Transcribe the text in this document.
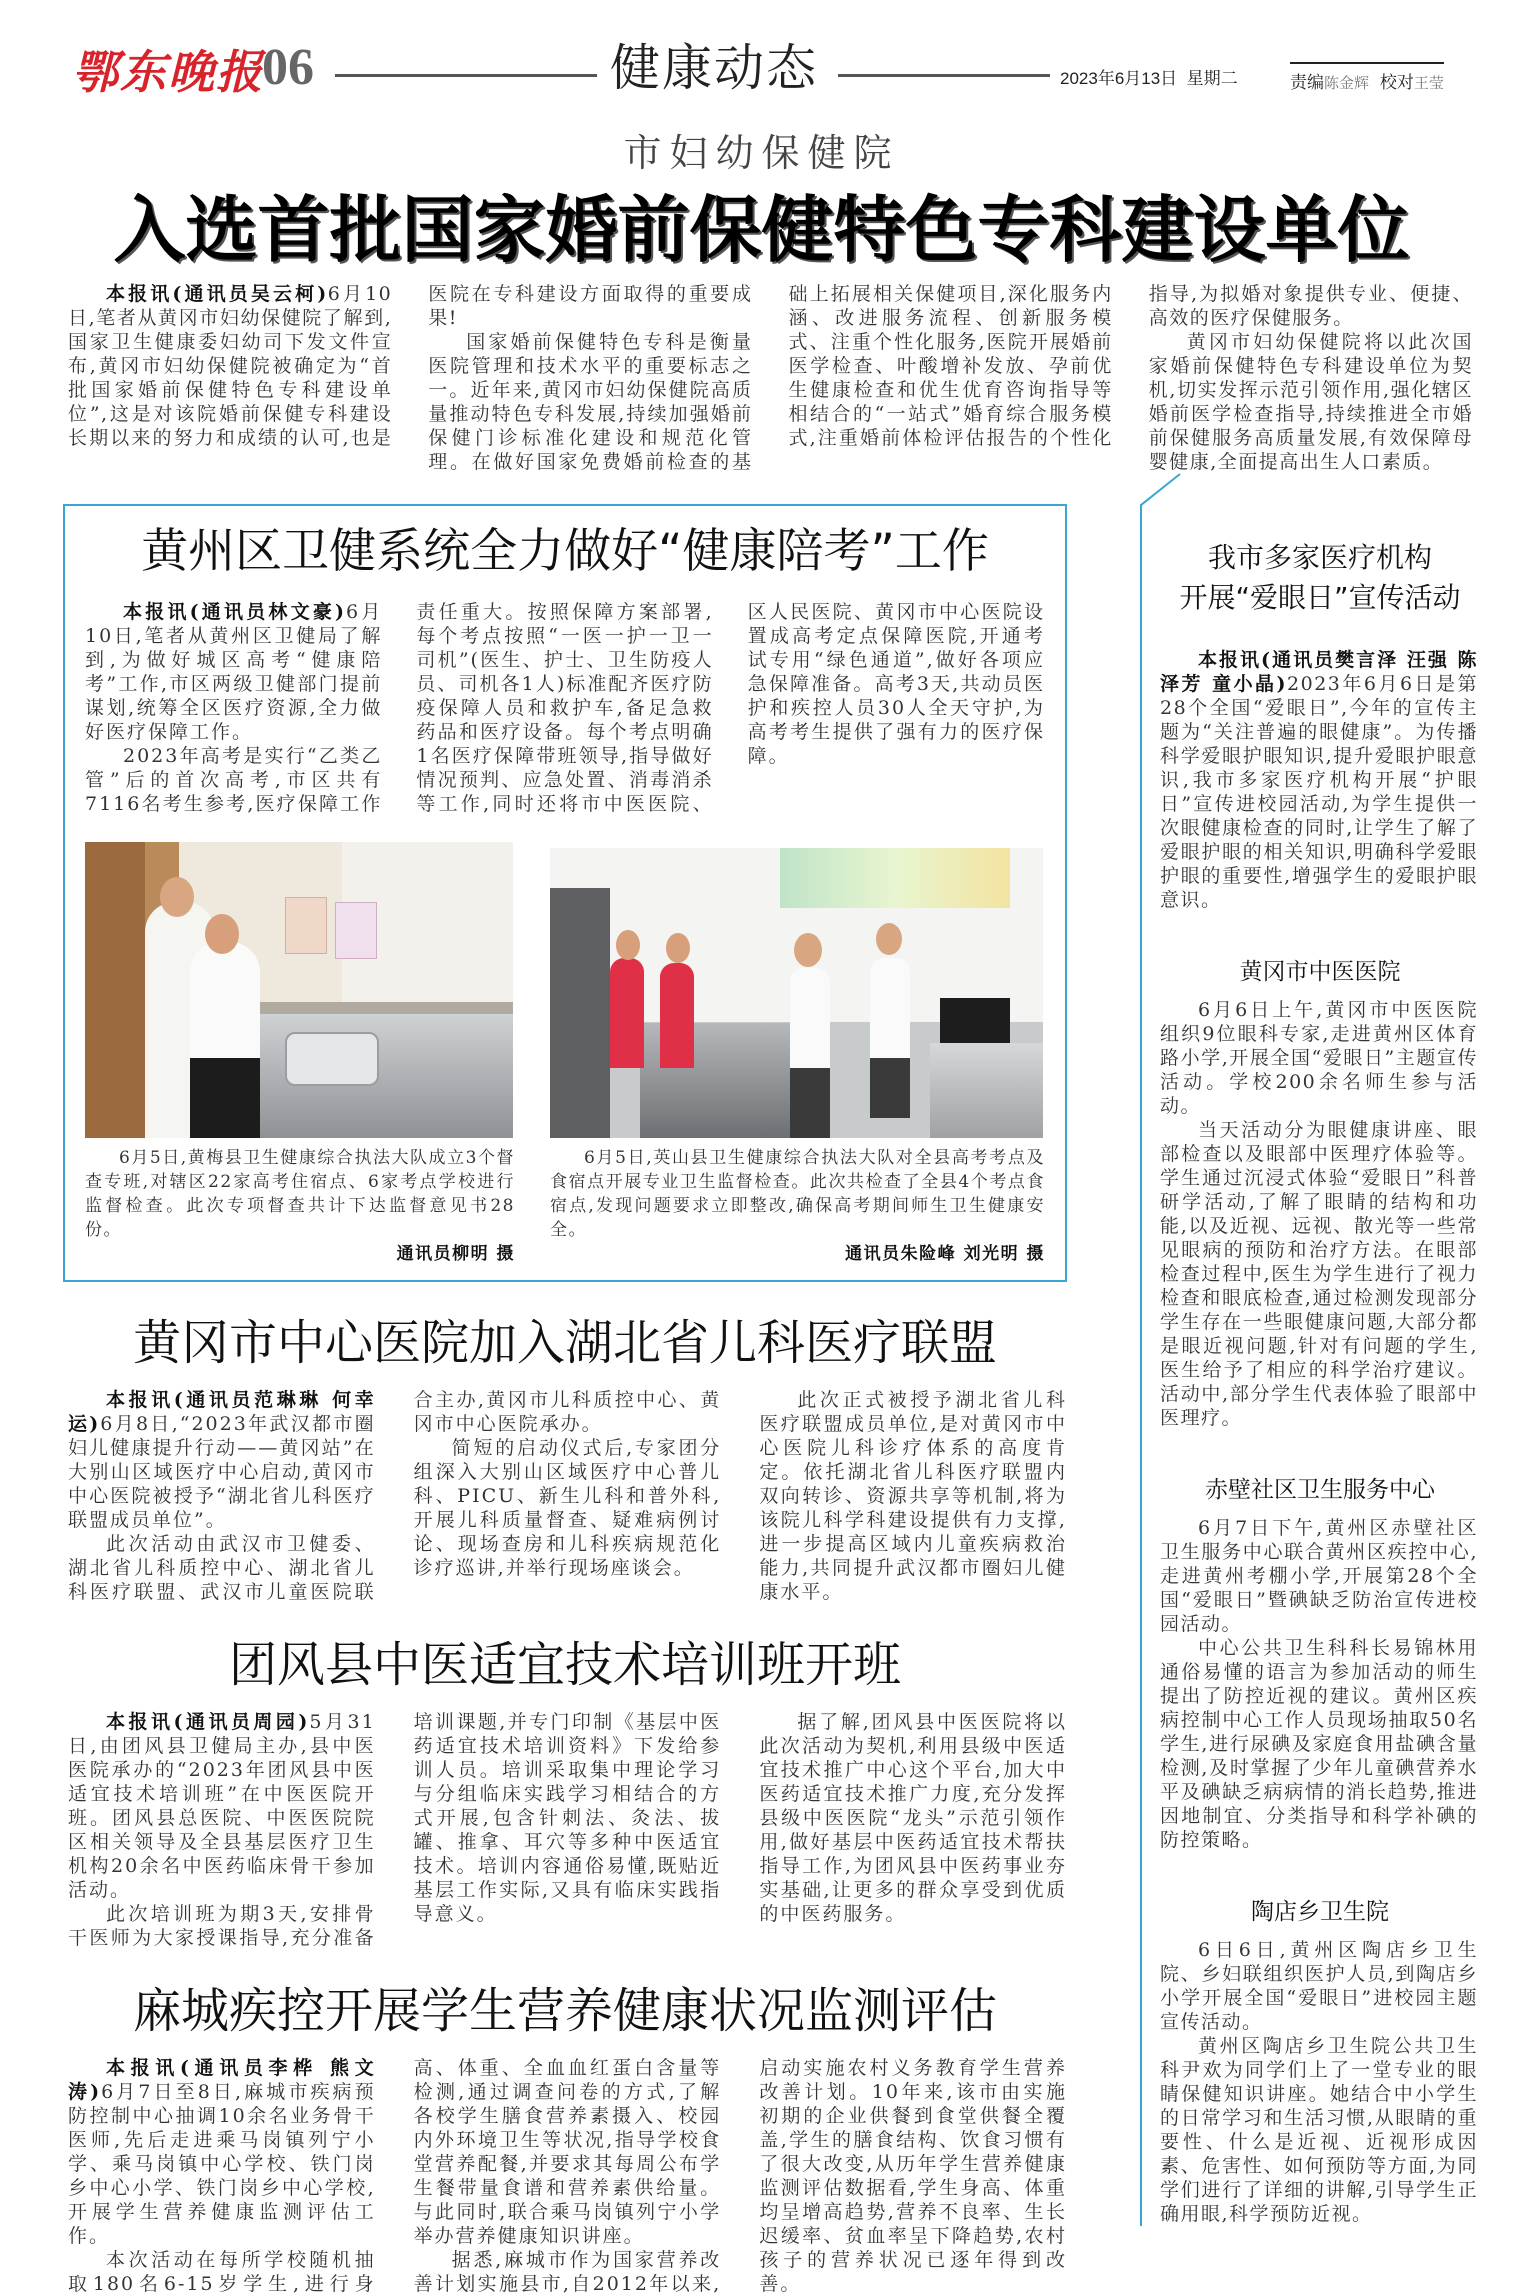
鄂东晚报
06	健康动态	2023年6月13日 星期二	责编陈金辉 校对王莹
市妇幼保健院
入选首批国家婚前保健特色专科建设单位

本报讯(通讯员吴云柯)6月10日,笔者从黄冈市妇幼保健院了解到,国家卫生健康委妇幼司下发文件宣布,黄冈市妇幼保健院被确定为“首批国家婚前保健特色专科建设单位”,这是对该院婚前保健专科建设长期以来的努力和成绩的认可,也是医院在专科建设方面取得的重要成果!

国家婚前保健特色专科是衡量医院管理和技术水平的重要标志之一。近年来,黄冈市妇幼保健院高质量推动特色专科发展,持续加强婚前保健门诊标准化建设和规范化管理。在做好国家免费婚前检查的基础上拓展相关保健项目,深化服务内涵、改进服务流程、创新服务模式、注重个性化服务,医院开展婚前医学检查、叶酸增补发放、孕前优生健康检查和优生优育咨询指导等相结合的“一站式”婚育综合服务模式,注重婚前体检评估报告的个性化指导,为拟婚对象提供专业、便捷、高效的医疗保健服务。

黄冈市妇幼保健院将以此次国家婚前保健特色专科建设单位为契机,切实发挥示范引领作用,强化辖区婚前医学检查指导,持续推进全市婚前保健服务高质量发展,有效保障母婴健康,全面提高出生人口素质。

黄州区卫健系统全力做好“健康陪考”工作

本报讯(通讯员林文豪)6月10日,笔者从黄州区卫健局了解到,为做好城区高考“健康陪考”工作,市区两级卫健部门提前谋划,统筹全区医疗资源,全力做好医疗保障工作。

2023年高考是实行“乙类乙管”后的首次高考,市区共有7116名考生参考,医疗保障工作责任重大。按照保障方案部署,每个考点按照“一医一护一卫一司机”(医生、护士、卫生防疫人员、司机各1人)标准配齐医疗防疫保障人员和救护车,备足急救药品和医疗设备。每个考点明确1名医疗保障带班领导,指导做好情况预判、应急处置、消毒消杀等工作,同时还将市中医医院、区人民医院、黄冈市中心医院设置成高考定点保障医院,开通考试专用“绿色通道”,做好各项应急保障准备。高考3天,共动员医护和疾控人员30人全天守护,为高考考生提供了强有力的医疗保障。

6月5日,黄梅县卫生健康综合执法大队成立3个督查专班,对辖区22家高考住宿点、6家考点学校进行监督检查。此次专项督查共计下达监督意见书28份。

通讯员柳明 摄

6月5日,英山县卫生健康综合执法大队对全县高考考点及食宿点开展专业卫生监督检查。此次共检查了全县4个考点食宿点,发现问题要求立即整改,确保高考期间师生卫生健康安全。

通讯员朱险峰 刘光明 摄
黄冈市中心医院加入湖北省儿科医疗联盟

本报讯(通讯员范琳琳 何幸运)6月8日,“2023年武汉都市圈妇儿健康提升行动——黄冈站”在大别山区域医疗中心启动,黄冈市中心医院被授予“湖北省儿科医疗联盟成员单位”。

此次活动由武汉市卫健委、湖北省儿科质控中心、湖北省儿科医疗联盟、武汉市儿童医院联合主办,黄冈市儿科质控中心、黄冈市中心医院承办。

简短的启动仪式后,专家团分组深入大别山区域医疗中心普儿科、PICU、新生儿科和普外科,开展儿科质量督查、疑难病例讨论、现场查房和儿科疾病规范化诊疗巡讲,并举行现场座谈会。

此次正式被授予湖北省儿科医疗联盟成员单位,是对黄冈市中心医院儿科诊疗体系的高度肯定。依托湖北省儿科医疗联盟内双向转诊、资源共享等机制,将为该院儿科学科建设提供有力支撑,进一步提高区域内儿童疾病救治能力,共同提升武汉都市圈妇儿健康水平。

团风县中医适宜技术培训班开班

本报讯(通讯员周园)5月31日,由团风县卫健局主办,县中医医院承办的“2023年团风县中医适宜技术培训班”在中医医院开班。团风县总医院、中医医院院区相关领导及全县基层医疗卫生机构20余名中医药临床骨干参加活动。

此次培训班为期3天,安排骨干医师为大家授课指导,充分准备培训课题,并专门印制《基层中医药适宜技术培训资料》下发给参训人员。培训采取集中理论学习与分组临床实践学习相结合的方式开展,包含针刺法、灸法、拔罐、推拿、耳穴等多种中医适宜技术。培训内容通俗易懂,既贴近基层工作实际,又具有临床实践指导意义。

据了解,团风县中医医院将以此次活动为契机,利用县级中医适宜技术推广中心这个平台,加大中医药适宜技术推广力度,充分发挥县级中医医院“龙头”示范引领作用,做好基层中医药适宜技术帮扶指导工作,为团风县中医药事业夯实基础,让更多的群众享受到优质的中医药服务。

麻城疾控开展学生营养健康状况监测评估

本报讯(通讯员李桦 熊文涛)6月7日至8日,麻城市疾病预防控制中心抽调10余名业务骨干医师,先后走进乘马岗镇列宁小学、乘马岗镇中心学校、铁门岗乡中心小学、铁门岗乡中心学校,开展学生营养健康监测评估工作。

本次活动在每所学校随机抽取180名6-15岁学生,进行身高、体重、全血血红蛋白含量等检测,通过调查问卷的方式,了解各校学生膳食营养素摄入、校园内外环境卫生等状况,指导学校食堂营养配餐,并要求其每周公布学生餐带量食谱和营养素供给量。与此同时,联合乘马岗镇列宁小学举办营养健康知识讲座。

据悉,麻城市作为国家营养改善计划实施县市,自2012年以来,启动实施农村义务教育学生营养改善计划。10年来,该市由实施初期的企业供餐到食堂供餐全覆盖,学生的膳食结构、饮食习惯有了很大改变,从历年学生营养健康监测评估数据看,学生身高、体重均呈增高趋势,营养不良率、生长迟缓率、贫血率呈下降趋势,农村孩子的营养状况已逐年得到改善。

我市多家医疗机构
开展“爱眼日”宣传活动

本报讯(通讯员樊言泽 汪强 陈泽芳 童小晶)2023年6月6日是第28个全国“爱眼日”,今年的宣传主题为“关注普遍的眼健康”。为传播科学爱眼护眼知识,提升爱眼护眼意识,我市多家医疗机构开展“护眼日”宣传进校园活动,为学生提供一次眼健康检查的同时,让学生了解了爱眼护眼的相关知识,明确科学爱眼护眼的重要性,增强学生的爱眼护眼意识。

黄冈市中医医院

6月6日上午,黄冈市中医医院组织9位眼科专家,走进黄州区体育路小学,开展全国“爱眼日”主题宣传活动。学校200余名师生参与活动。

当天活动分为眼健康讲座、眼部检查以及眼部中医理疗体验等。学生通过沉浸式体验“爱眼日”科普研学活动,了解了眼睛的结构和功能,以及近视、远视、散光等一些常见眼病的预防和治疗方法。在眼部检查过程中,医生为学生进行了视力检查和眼底检查,通过检测发现部分学生存在一些眼健康问题,大部分都是眼近视问题,针对有问题的学生,医生给予了相应的科学治疗建议。活动中,部分学生代表体验了眼部中医理疗。

赤壁社区卫生服务中心

6月7日下午,黄州区赤壁社区卫生服务中心联合黄州区疾控中心,走进黄州考棚小学,开展第28个全国“爱眼日”暨碘缺乏防治宣传进校园活动。

中心公共卫生科科长易锦林用通俗易懂的语言为参加活动的师生提出了防控近视的建议。黄州区疾病控制中心工作人员现场抽取50名学生,进行尿碘及家庭食用盐碘含量检测,及时掌握了少年儿童碘营养水平及碘缺乏病病情的消长趋势,推进因地制宜、分类指导和科学补碘的防控策略。

陶店乡卫生院

6日6日,黄州区陶店乡卫生院、乡妇联组织医护人员,到陶店乡小学开展全国“爱眼日”进校园主题宣传活动。

黄州区陶店乡卫生院公共卫生科尹欢为同学们上了一堂专业的眼睛保健知识讲座。她结合中小学生的日常学习和生活习惯,从眼睛的重要性、什么是近视、近视形成因素、危害性、如何预防等方面,为同学们进行了详细的讲解,引导学生正确用眼,科学预防近视。
